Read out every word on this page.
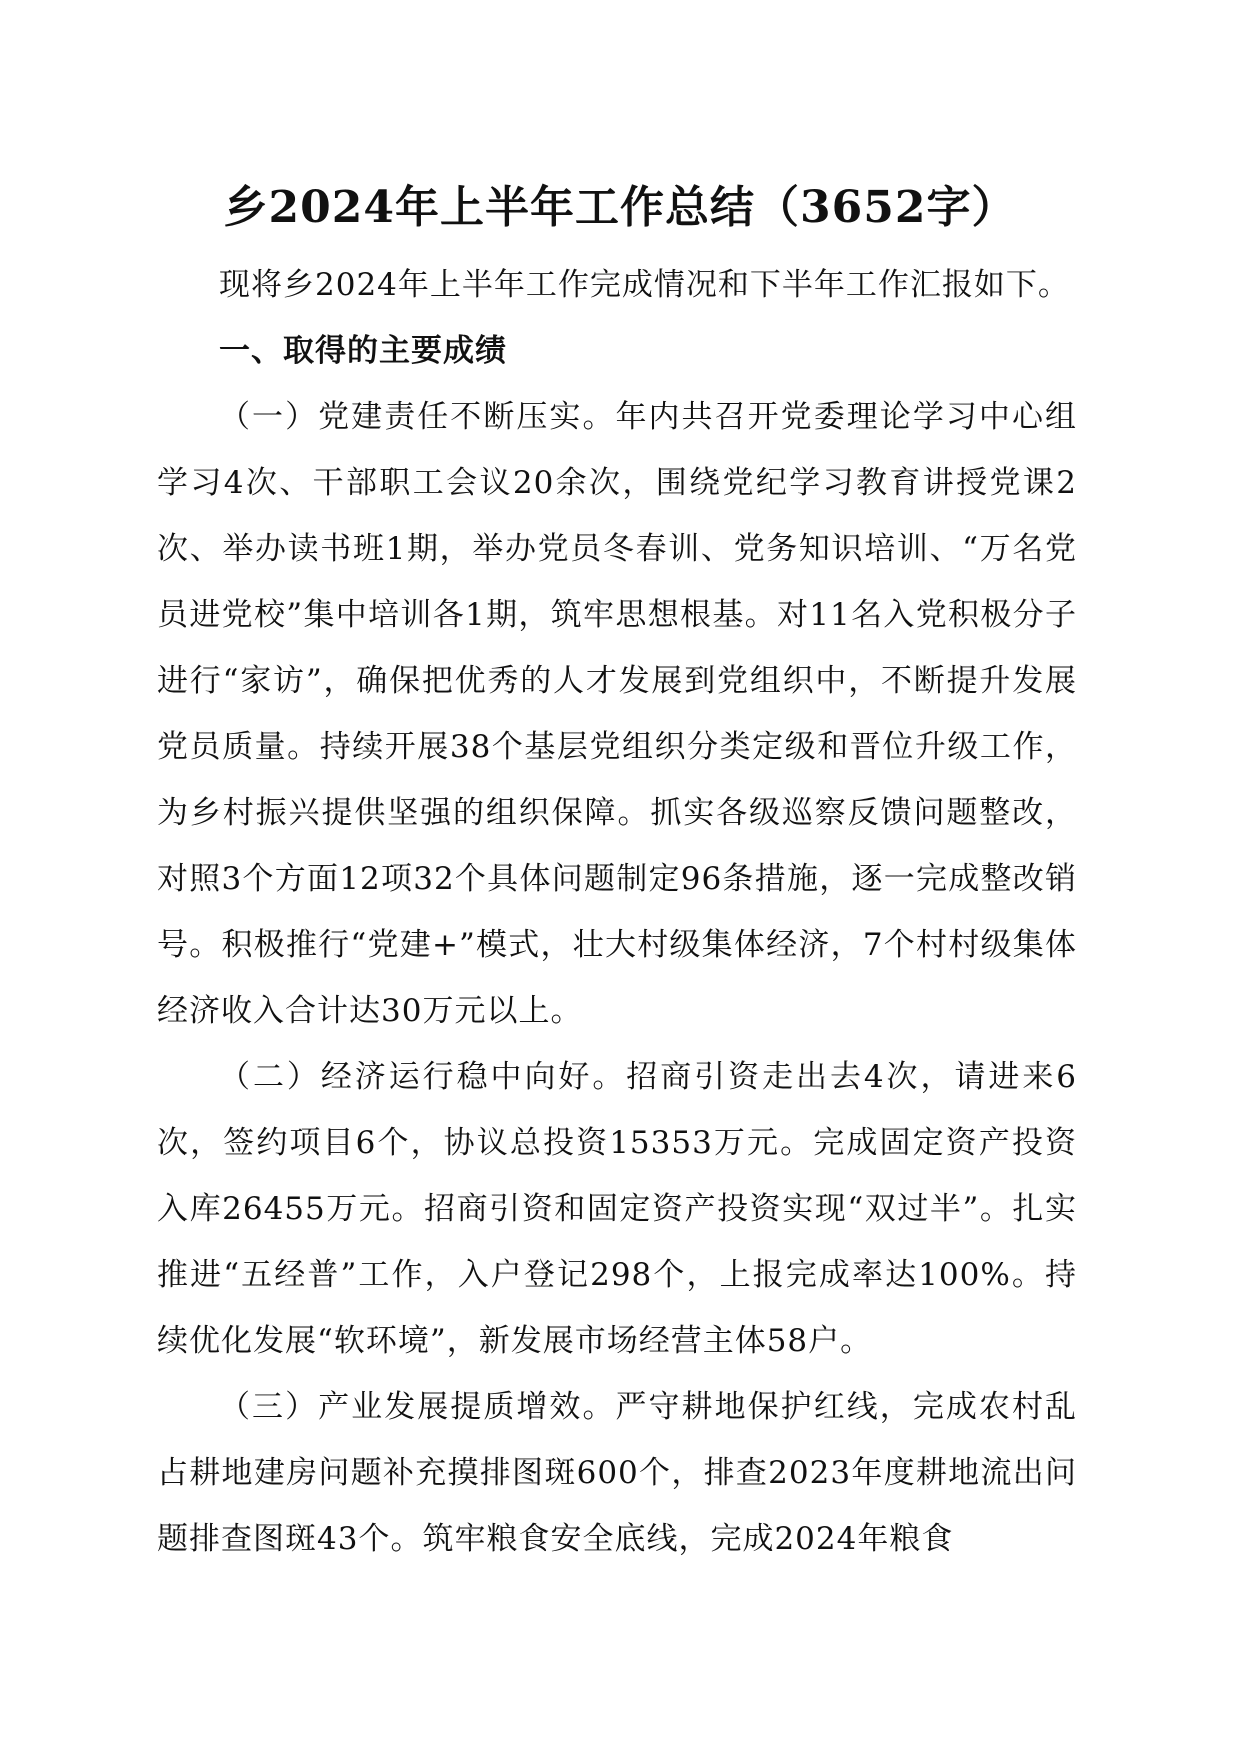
乡2024年上半年工作总结（3652字）

现将乡2024年上半年工作完成情况和下半年工作汇报如下。

一、取得的主要成绩

（一）党建责任不断压实。年内共召开党委理论学习中心组学习4次、干部职工会议20余次，围绕党纪学习教育讲授党课2次、举办读书班1期，举办党员冬春训、党务知识培训、“万名党员进党校”集中培训各1期，筑牢思想根基。对11名入党积极分子进行“家访”，确保把优秀的人才发展到党组织中，不断提升发展党员质量。持续开展38个基层党组织分类定级和晋位升级工作，为乡村振兴提供坚强的组织保障。抓实各级巡察反馈问题整改，对照3个方面12项32个具体问题制定96条措施，逐一完成整改销号。积极推行“党建+”模式，壮大村级集体经济，7个村村级集体经济收入合计达30万元以上。

（二）经济运行稳中向好。招商引资走出去4次，请进来6次，签约项目6个，协议总投资15353万元。完成固定资产投资入库26455万元。招商引资和固定资产投资实现“双过半”。扎实推进“五经普”工作，入户登记298个，上报完成率达100%。持续优化发展“软环境”，新发展市场经营主体58户。

（三）产业发展提质增效。严守耕地保护红线，完成农村乱占耕地建房问题补充摸排图斑600个，排查2023年度耕地流出问题排查图斑43个。筑牢粮食安全底线，完成2024年粮食
